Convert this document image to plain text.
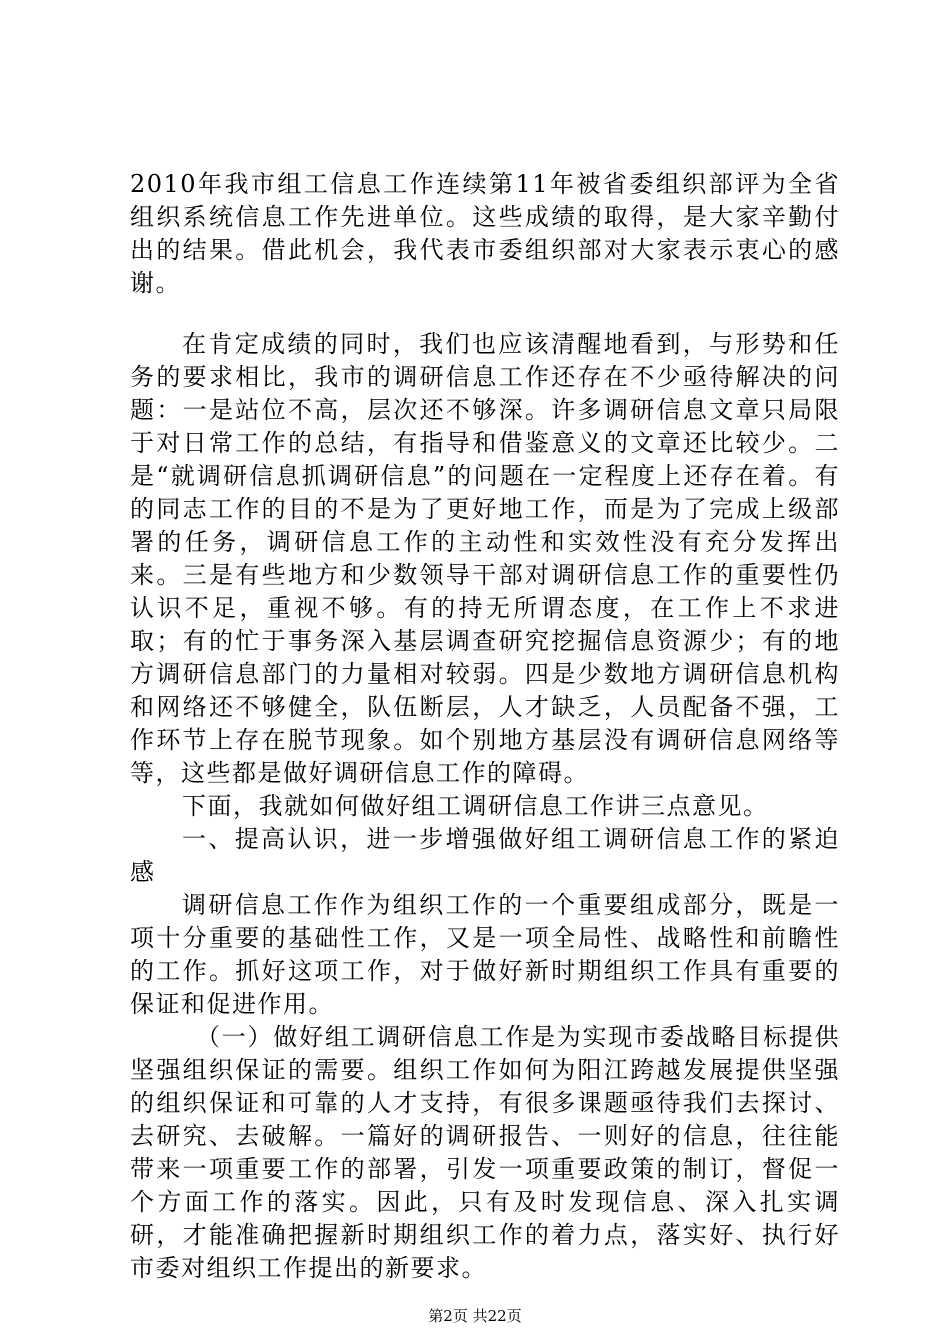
2010年我市组工信息工作连续第11年被省委组织部评为全省组织系统信息工作先进单位。这些成绩的取得，是大家辛勤付出的结果。借此机会，我代表市委组织部对大家表示衷心的感谢。

在肯定成绩的同时，我们也应该清醒地看到，与形势和任务的要求相比，我市的调研信息工作还存在不少亟待解决的问题：一是站位不高，层次还不够深。许多调研信息文章只局限于对日常工作的总结，有指导和借鉴意义的文章还比较少。二是“就调研信息抓调研信息”的问题在一定程度上还存在着。有的同志工作的目的不是为了更好地工作，而是为了完成上级部署的任务，调研信息工作的主动性和实效性没有充分发挥出来。三是有些地方和少数领导干部对调研信息工作的重要性仍认识不足，重视不够。有的持无所谓态度，在工作上不求进取；有的忙于事务深入基层调查研究挖掘信息资源少；有的地方调研信息部门的力量相对较弱。四是少数地方调研信息机构和网络还不够健全，队伍断层，人才缺乏，人员配备不强，工作环节上存在脱节现象。如个别地方基层没有调研信息网络等等，这些都是做好调研信息工作的障碍。

下面，我就如何做好组工调研信息工作讲三点意见。

一、提高认识，进一步增强做好组工调研信息工作的紧迫感

调研信息工作作为组织工作的一个重要组成部分，既是一项十分重要的基础性工作，又是一项全局性、战略性和前瞻性的工作。抓好这项工作，对于做好新时期组织工作具有重要的保证和促进作用。

（一）做好组工调研信息工作是为实现市委战略目标提供坚强组织保证的需要。组织工作如何为阳江跨越发展提供坚强的组织保证和可靠的人才支持，有很多课题亟待我们去探讨、去研究、去破解。一篇好的调研报告、一则好的信息，往往能带来一项重要工作的部署，引发一项重要政策的制订，督促一个方面工作的落实。因此，只有及时发现信息、深入扎实调研，才能准确把握新时期组织工作的着力点，落实好、执行好市委对组织工作提出的新要求。

第2页 共22页
